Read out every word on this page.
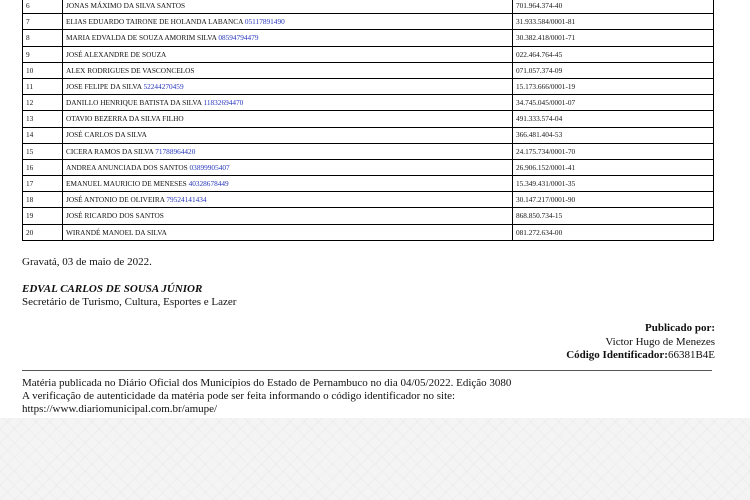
6	JONAS MÁXIMO DA SILVA SANTOS	701.964.374-40
7	ELIAS EDUARDO TAIRONE DE HOLANDA LABANCA 05117891490	31.933.584/0001-81
8	MARIA EDVALDA DE SOUZA AMORIM SILVA 08594794479	30.382.418/0001-71
9	JOSÉ ALEXANDRE DE SOUZA	022.464.764-45
10	ALEX RODRIGUES DE VASCONCELOS	071.057.374-09
11	JOSE FELIPE DA SILVA 52244270459	15.173.666/0001-19
12	DANILLO HENRIQUE BATISTA DA SILVA 11832694470	34.745.045/0001-07
13	OTAVIO BEZERRA DA SILVA FILHO	491.333.574-04
14	JOSÉ CARLOS DA SILVA	366.481.404-53
15	CICERA RAMOS DA SILVA 71788964420	24.175.734/0001-70
16	ANDREA ANUNCIADA DOS SANTOS 03899905407	26.906.152/0001-41
17	EMANUEL MAURICIO DE MENESES 40328678449	15.349.431/0001-35
18	JOSÉ ANTONIO DE OLIVEIRA 79524141434	30.147.217/0001-90
19	JOSÉ RICARDO DOS SANTOS	868.850.734-15
20	WIRANDÉ MANOEL DA SILVA	081.272.634-00
Gravatá, 03 de maio de 2022.
EDVAL CARLOS DE SOUSA JÚNIOR
Secretário de Turismo, Cultura, Esportes e Lazer
Publicado por:
Victor Hugo de Menezes
Código Identificador:66381B4E
Matéria publicada no Diário Oficial dos Municípios do Estado de Pernambuco no dia 04/05/2022. Edição 3080
A verificação de autenticidade da matéria pode ser feita informando o código identificador no site:
https://www.diariomunicipal.com.br/amupe/
